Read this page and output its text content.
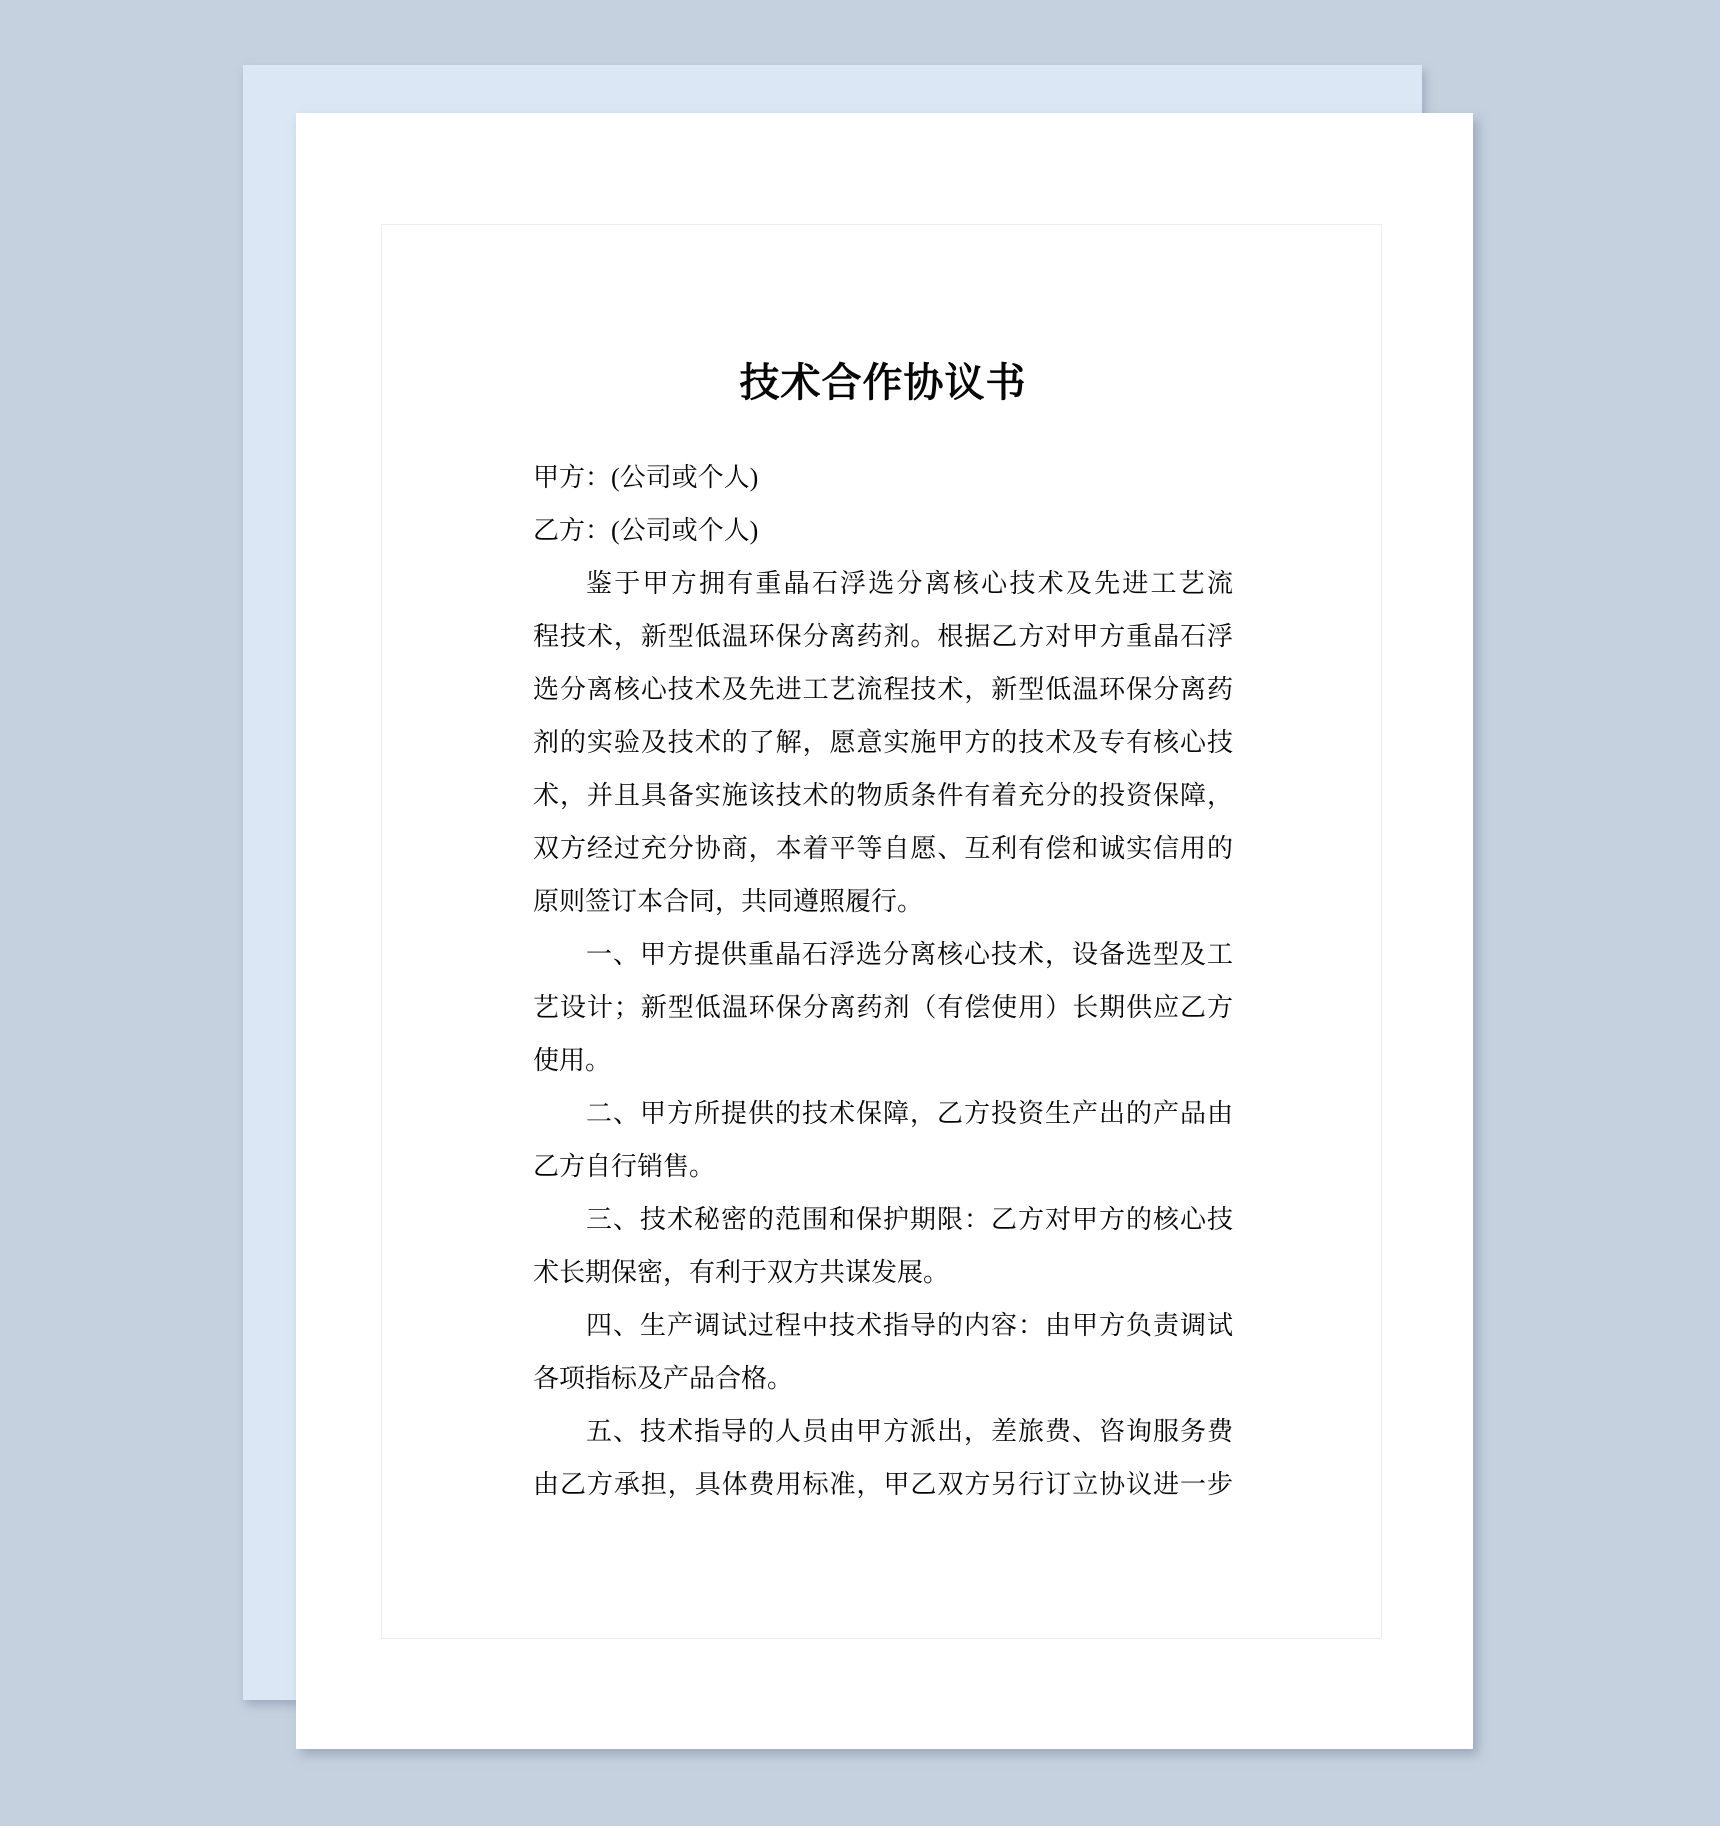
技术合作协议书
甲方：(公司或个人)
乙方：(公司或个人)
鉴于甲方拥有重晶石浮选分离核心技术及先进工艺流
程技术，新型低温环保分离药剂。根据乙方对甲方重晶石浮
选分离核心技术及先进工艺流程技术，新型低温环保分离药
剂的实验及技术的了解，愿意实施甲方的技术及专有核心技
术，并且具备实施该技术的物质条件有着充分的投资保障，
双方经过充分协商，本着平等自愿、互利有偿和诚实信用的
原则签订本合同，共同遵照履行。
一、甲方提供重晶石浮选分离核心技术，设备选型及工
艺设计；新型低温环保分离药剂（有偿使用）长期供应乙方
使用。
二、甲方所提供的技术保障，乙方投资生产出的产品由
乙方自行销售。
三、技术秘密的范围和保护期限：乙方对甲方的核心技
术长期保密，有利于双方共谋发展。
四、生产调试过程中技术指导的内容：由甲方负责调试
各项指标及产品合格。
五、技术指导的人员由甲方派出，差旅费、咨询服务费
由乙方承担，具体费用标准，甲乙双方另行订立协议进一步
